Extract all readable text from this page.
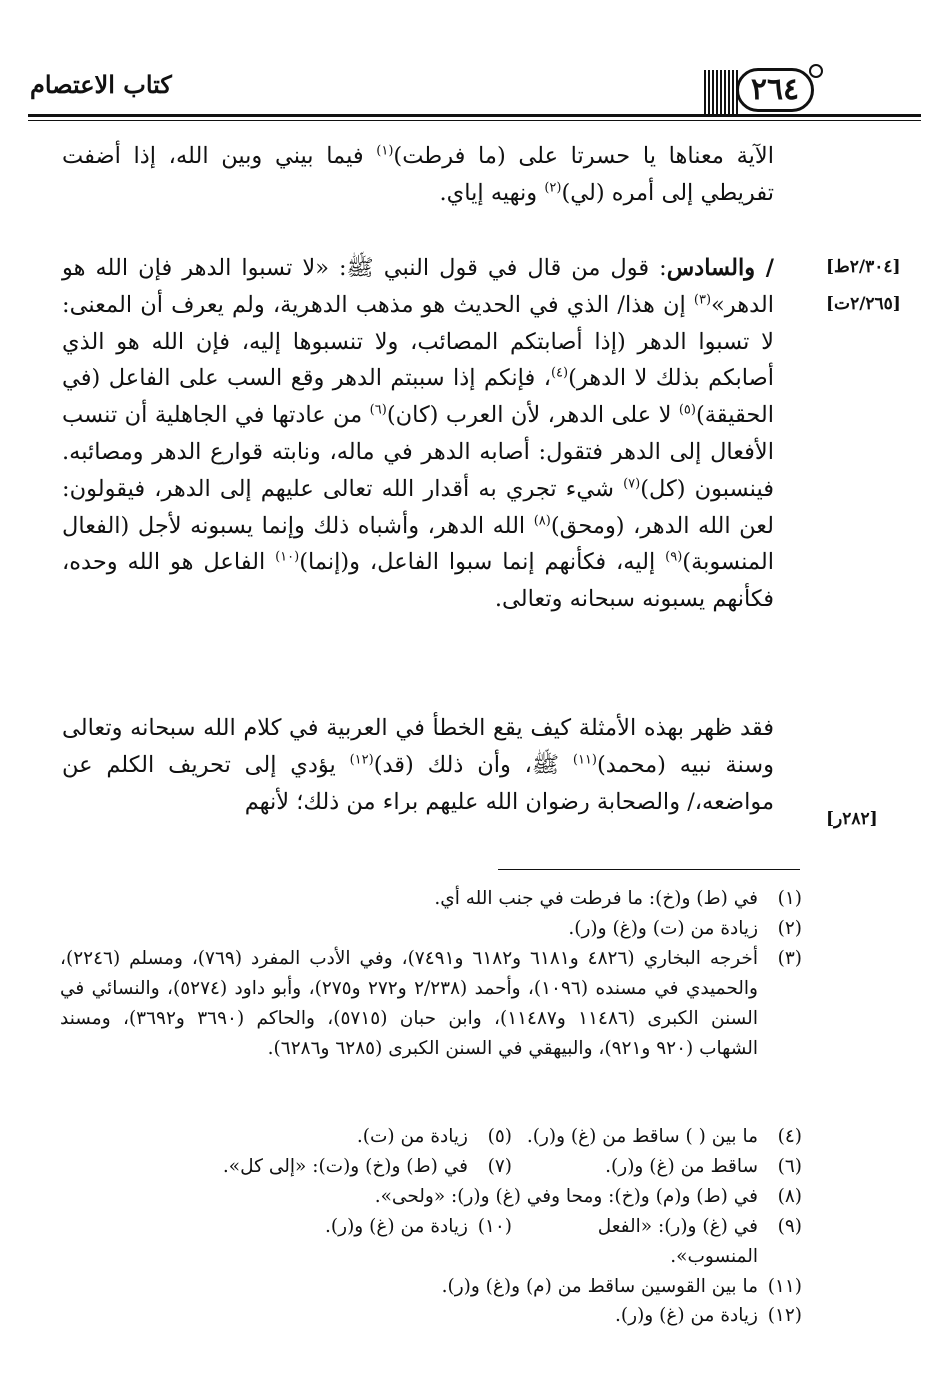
كتاب الاعتصام	٢٦٤
[٢/٣٠٤ط]
[٢/٢٦٥ت]
[٢٨٢ر]
الآية معناها يا حسرتا على (ما فرطت)$^{(١)}$ فيما بيني وبين الله، إذا أضفت تفريطي إلى أمره (لي)$^{(٢)}$ ونهيه إياي.
/ والسادس: قول من قال في قول النبي ﷺ: «لا تسبوا الدهر فإن الله هو الدهر»$^{(٣)}$ إن هذا/ الذي في الحديث هو مذهب الدهرية، ولم يعرف أن المعنى: لا تسبوا الدهر (إذا أصابتكم المصائب، ولا تنسبوها إليه، فإن الله هو الذي أصابكم بذلك لا الدهر)$^{(٤)}$، فإنكم إذا سببتم الدهر وقع السب على الفاعل (في الحقيقة)$^{(٥)}$ لا على الدهر، لأن العرب (كان)$^{(٦)}$ من عادتها في الجاهلية أن تنسب الأفعال إلى الدهر فتقول: أصابه الدهر في ماله، ونابته قوارع الدهر ومصائبه. فينسبون (كل)$^{(٧)}$ شيء تجري به أقدار الله تعالى عليهم إلى الدهر، فيقولون: لعن الله الدهر، (ومحق)$^{(٨)}$ الله الدهر، وأشباه ذلك وإنما يسبونه لأجل (الفعال المنسوبة)$^{(٩)}$ إليه، فكأنهم إنما سبوا الفاعل، و(إنما)$^{(١٠)}$ الفاعل هو الله وحده، فكأنهم يسبونه سبحانه وتعالى.
فقد ظهر بهذه الأمثلة كيف يقع الخطأ في العربية في كلام الله سبحانه وتعالى وسنة نبيه (محمد)$^{(١١)}$ ﷺ، وأن ذلك (قد)$^{(١٢)}$ يؤدي إلى تحريف الكلم عن مواضعه،/ والصحابة رضوان الله عليهم براء من ذلك؛ لأنهم
(١)
في (ط) و(خ): ما فرطت في جنب الله أي.
(٢)
زيادة من (ت) و(غ) و(ر).
(٣)
أخرجه البخاري (٤٨٢٦ و٦١٨١ و٦١٨٢ و٧٤٩١)، وفي الأدب المفرد (٧٦٩)، ومسلم (٢٢٤٦)، والحميدي في مسنده (١٠٩٦)، وأحمد (٢/٢٣٨ و٢٧٢ و٢٧٥)، وأبو داود (٥٢٧٤)، والنسائي في السنن الكبرى (١١٤٨٦ و١١٤٨٧)، وابن حبان (٥٧١٥)، والحاكم (٣٦٩٠ و٣٦٩٢)، ومسند الشهاب (٩٢٠ و٩٢١)، والبيهقي في السنن الكبرى (٦٢٨٥ و٦٢٨٦).
(٤)
ما بين ( ) ساقط من (غ) و(ر).
(٥)
زيادة من (ت).
(٦)
ساقط من (غ) و(ر).
(٧)
في (ط) و(خ) و(ت): «إلى كل».
(٨)
في (ط) و(م) و(خ): ومحا وفي (غ) و(ر): «ولحى».
(٩)
في (غ) و(ر): «الفعل المنسوب».
(١٠)
زيادة من (غ) و(ر).
(١١)
ما بين القوسين ساقط من (م) و(غ) و(ر).
(١٢)
زيادة من (غ) و(ر).
